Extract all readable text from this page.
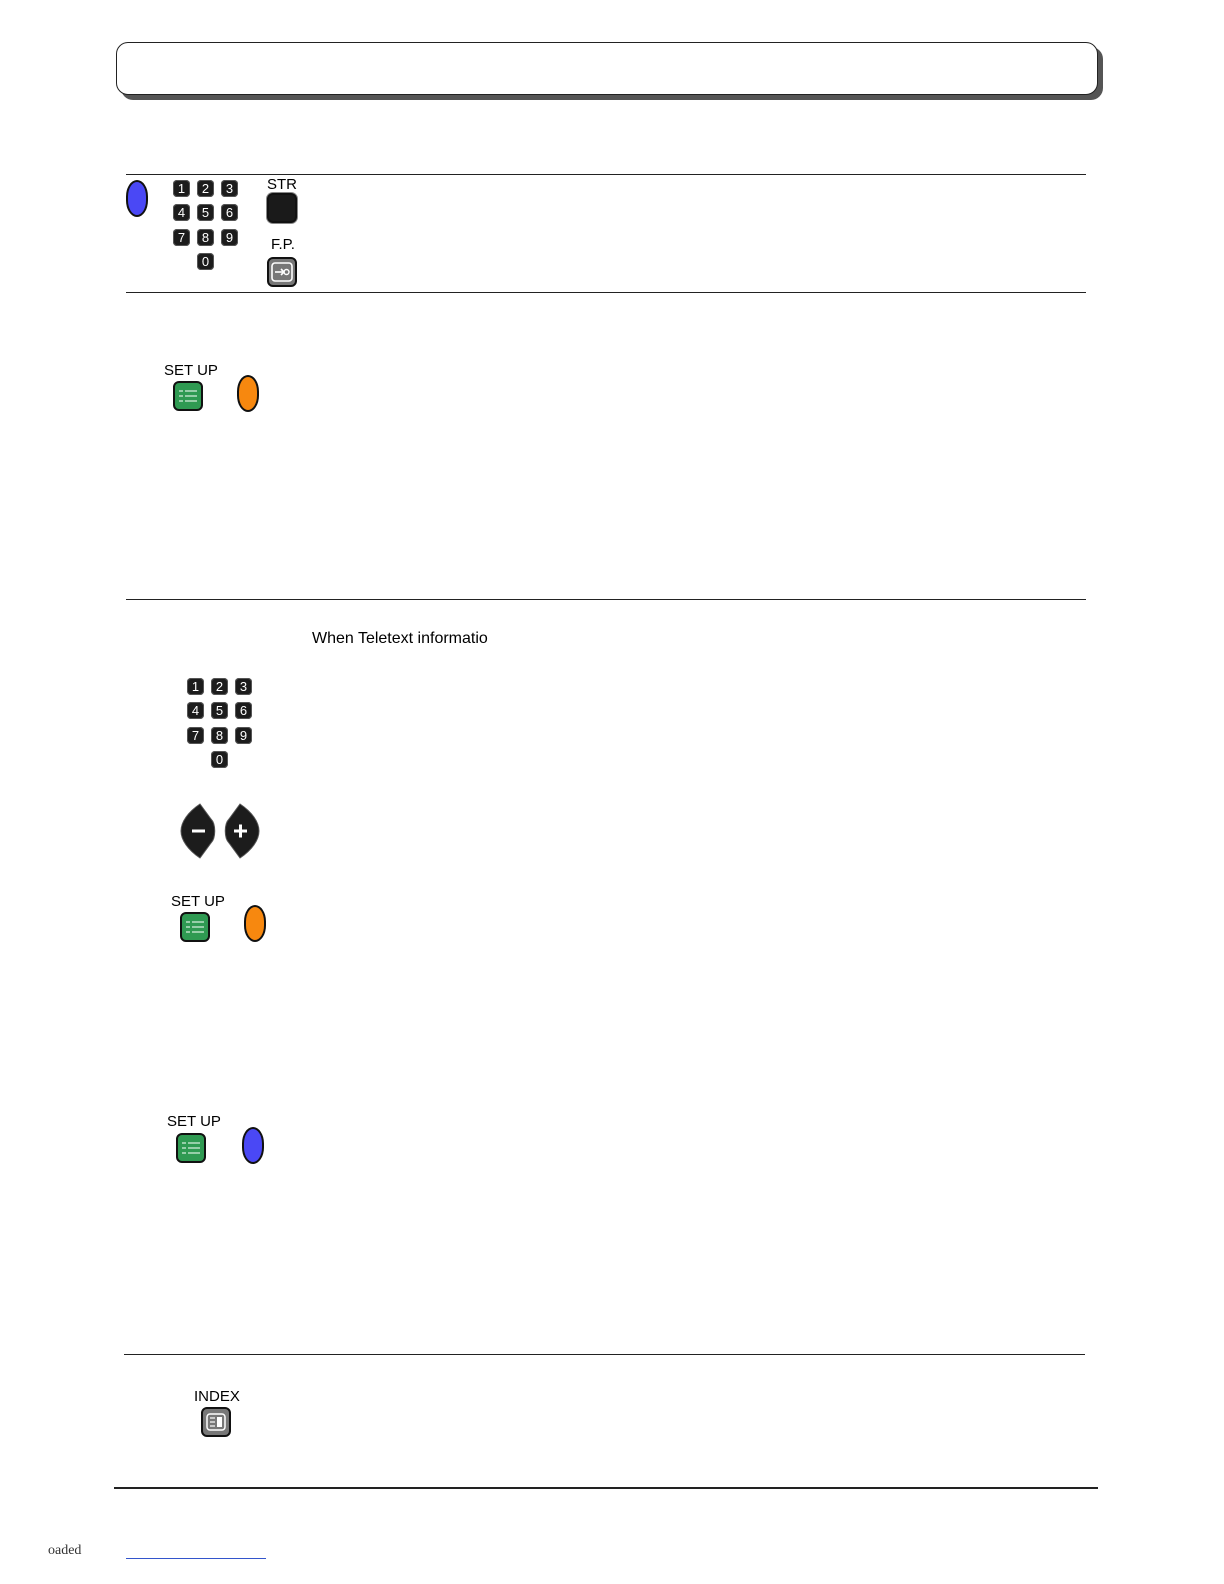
1	2	3
4	5	6
7	8	9
0
STR
F.P.
SET UP
When Teletext informatio
1	2	3
4	5	6
7	8	9
0
SET UP
SET UP
INDEX
oaded
